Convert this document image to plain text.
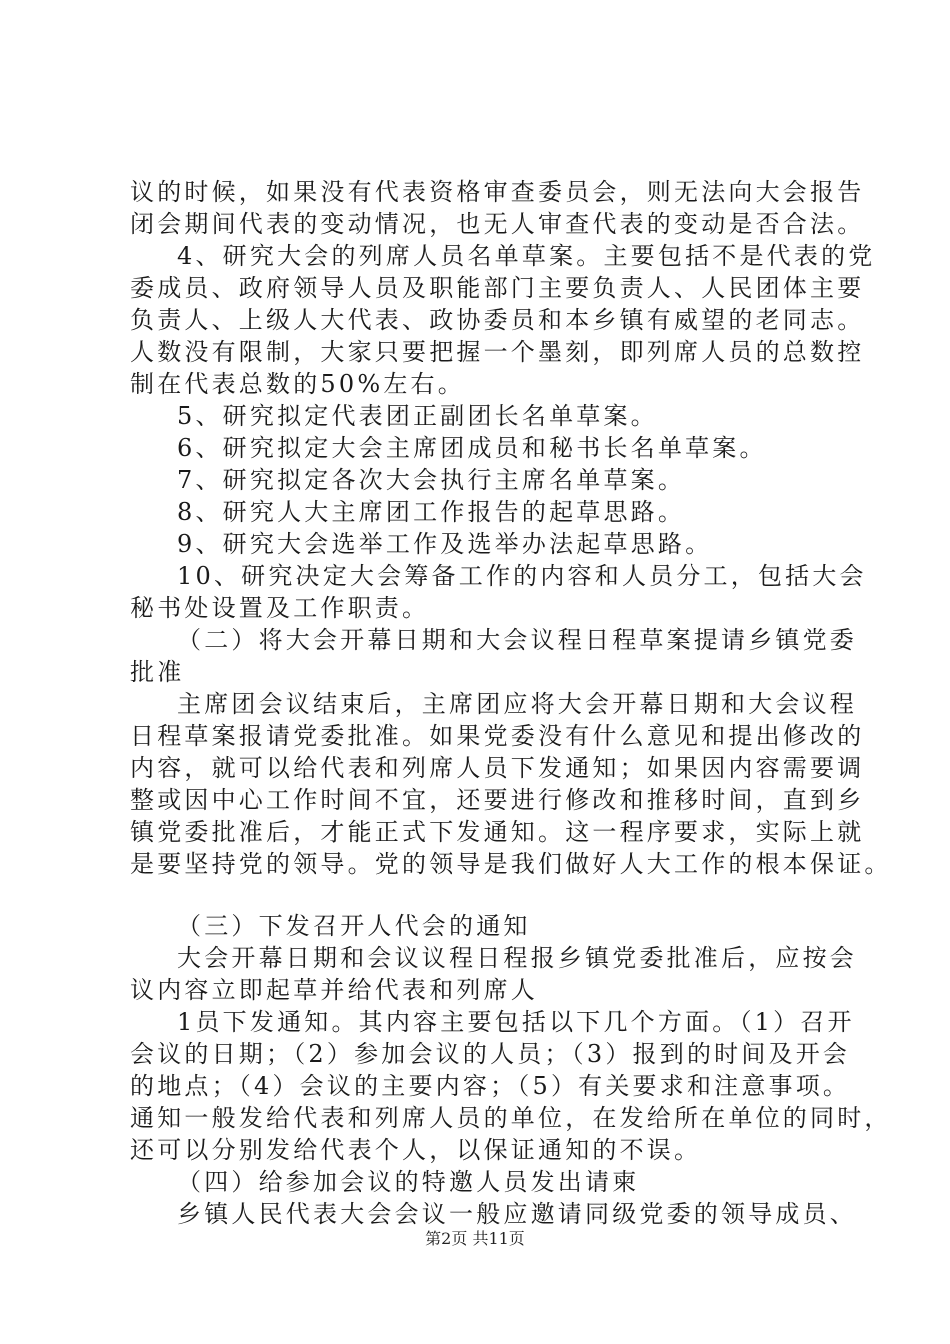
议的时候，如果没有代表资格审查委员会，则无法向大会报告
闭会期间代表的变动情况，也无人审查代表的变动是否合法。
4、研究大会的列席人员名单草案。主要包括不是代表的党
委成员、政府领导人员及职能部门主要负责人、人民团体主要
负责人、上级人大代表、政协委员和本乡镇有威望的老同志。
人数没有限制，大家只要把握一个墨刻，即列席人员的总数控
制在代表总数的50%左右。
5、研究拟定代表团正副团长名单草案。
6、研究拟定大会主席团成员和秘书长名单草案。
7、研究拟定各次大会执行主席名单草案。
8、研究人大主席团工作报告的起草思路。
9、研究大会选举工作及选举办法起草思路。
10、研究决定大会筹备工作的内容和人员分工，包括大会
秘书处设置及工作职责。
（二）将大会开幕日期和大会议程日程草案提请乡镇党委
批准
主席团会议结束后，主席团应将大会开幕日期和大会议程
日程草案报请党委批准。如果党委没有什么意见和提出修改的
内容，就可以给代表和列席人员下发通知；如果因内容需要调
整或因中心工作时间不宜，还要进行修改和推移时间，直到乡
镇党委批准后，才能正式下发通知。这一程序要求，实际上就
是要坚持党的领导。党的领导是我们做好人大工作的根本保证。
（三）下发召开人代会的通知
大会开幕日期和会议议程日程报乡镇党委批准后，应按会
议内容立即起草并给代表和列席人
1员下发通知。其内容主要包括以下几个方面。（1）召开
会议的日期；（2）参加会议的人员；（3）报到的时间及开会
的地点；（4）会议的主要内容；（5）有关要求和注意事项。
通知一般发给代表和列席人员的单位，在发给所在单位的同时，
还可以分别发给代表个人，以保证通知的不误。
（四）给参加会议的特邀人员发出请柬
乡镇人民代表大会会议一般应邀请同级党委的领导成员、
第2页 共11页
